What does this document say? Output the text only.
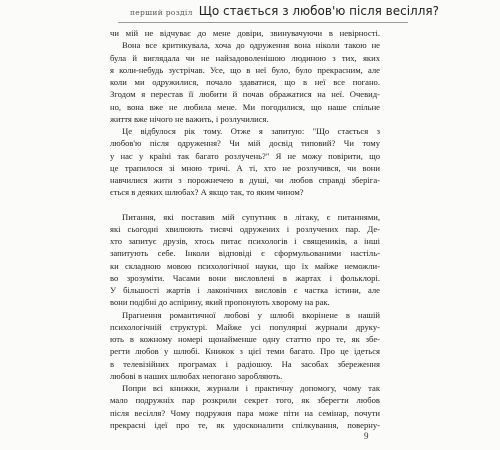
перший розділ Що стається з любов'ю після весілля?
чи мій не відчуває до мене довіри, звинувачуючи в невірності.
Вона все критикувала, хоча до одруження вона ніколи такою не
була й виглядала чи не найзадоволенішою людиною з тих, яких
я коли-небудь зустрічав. Усе, що в неї було, було прекрасним, але
коли ми одружилися, почало здаватися, що в неї все погано.
Згодом я перестав її любити й почав ображатися на неї. Очевид-
но, вона вже не любила мене. Ми погодилися, що наше спільне
життя вже нічого не важить, і розлучилися.
Це відбулося рік тому. Отже я запитую: "Що стається з
любов'ю після одруження? Чи мій досвід типовий? Чи тому
у нас у країні так багато розлучень?" Я не можу повірити, що
це трапилося зі мною тричі. А ті, хто не розлучився, чи вони
навчилися жити з порожнечею в душі, чи любов справді зберіга-
ється в деяких шлюбах? А якщо так, то яким чином?
Питання, які поставив мій супутник в літаку, є питаннями,
які сьогодні хвилюють тисячі одружених і розлучених пар. Де-
хто запитує друзів, хтось питає психологів і священиків, а інші
запитують себе. Інколи відповіді є сформульованими настіль-
ки складною мовою психологічної науки, що їх майже неможли-
во зрозуміти. Часами вони висловлені в жартах і фольклорі.
У більшості жартів і лаконічних висловів є частка істини, але
вони подібні до аспірину, який пропонують хворому на рак.
Прагнення романтичної любові у шлюбі вкорінене в нашій
психологічній структурі. Майже усі популярні журнали друку-
ють в кожному номері щонайменше одну статтю про те, як збе-
регти любов у шлюбі. Книжок з цієї теми багато. Про це ідеться
в телевізійних програмах і радіошоу. На засобах збереження
любові в наших шлюбах непогано заробляють.
Попри всі книжки, журнали і практичну допомогу, чому так
мало подружніх пар розкрили секрет того, як зберегти любов
після весілля? Чому подружня пара може піти на семінар, почути
прекрасні ідеї про те, як удосконалити спілкування, поверну-
9
